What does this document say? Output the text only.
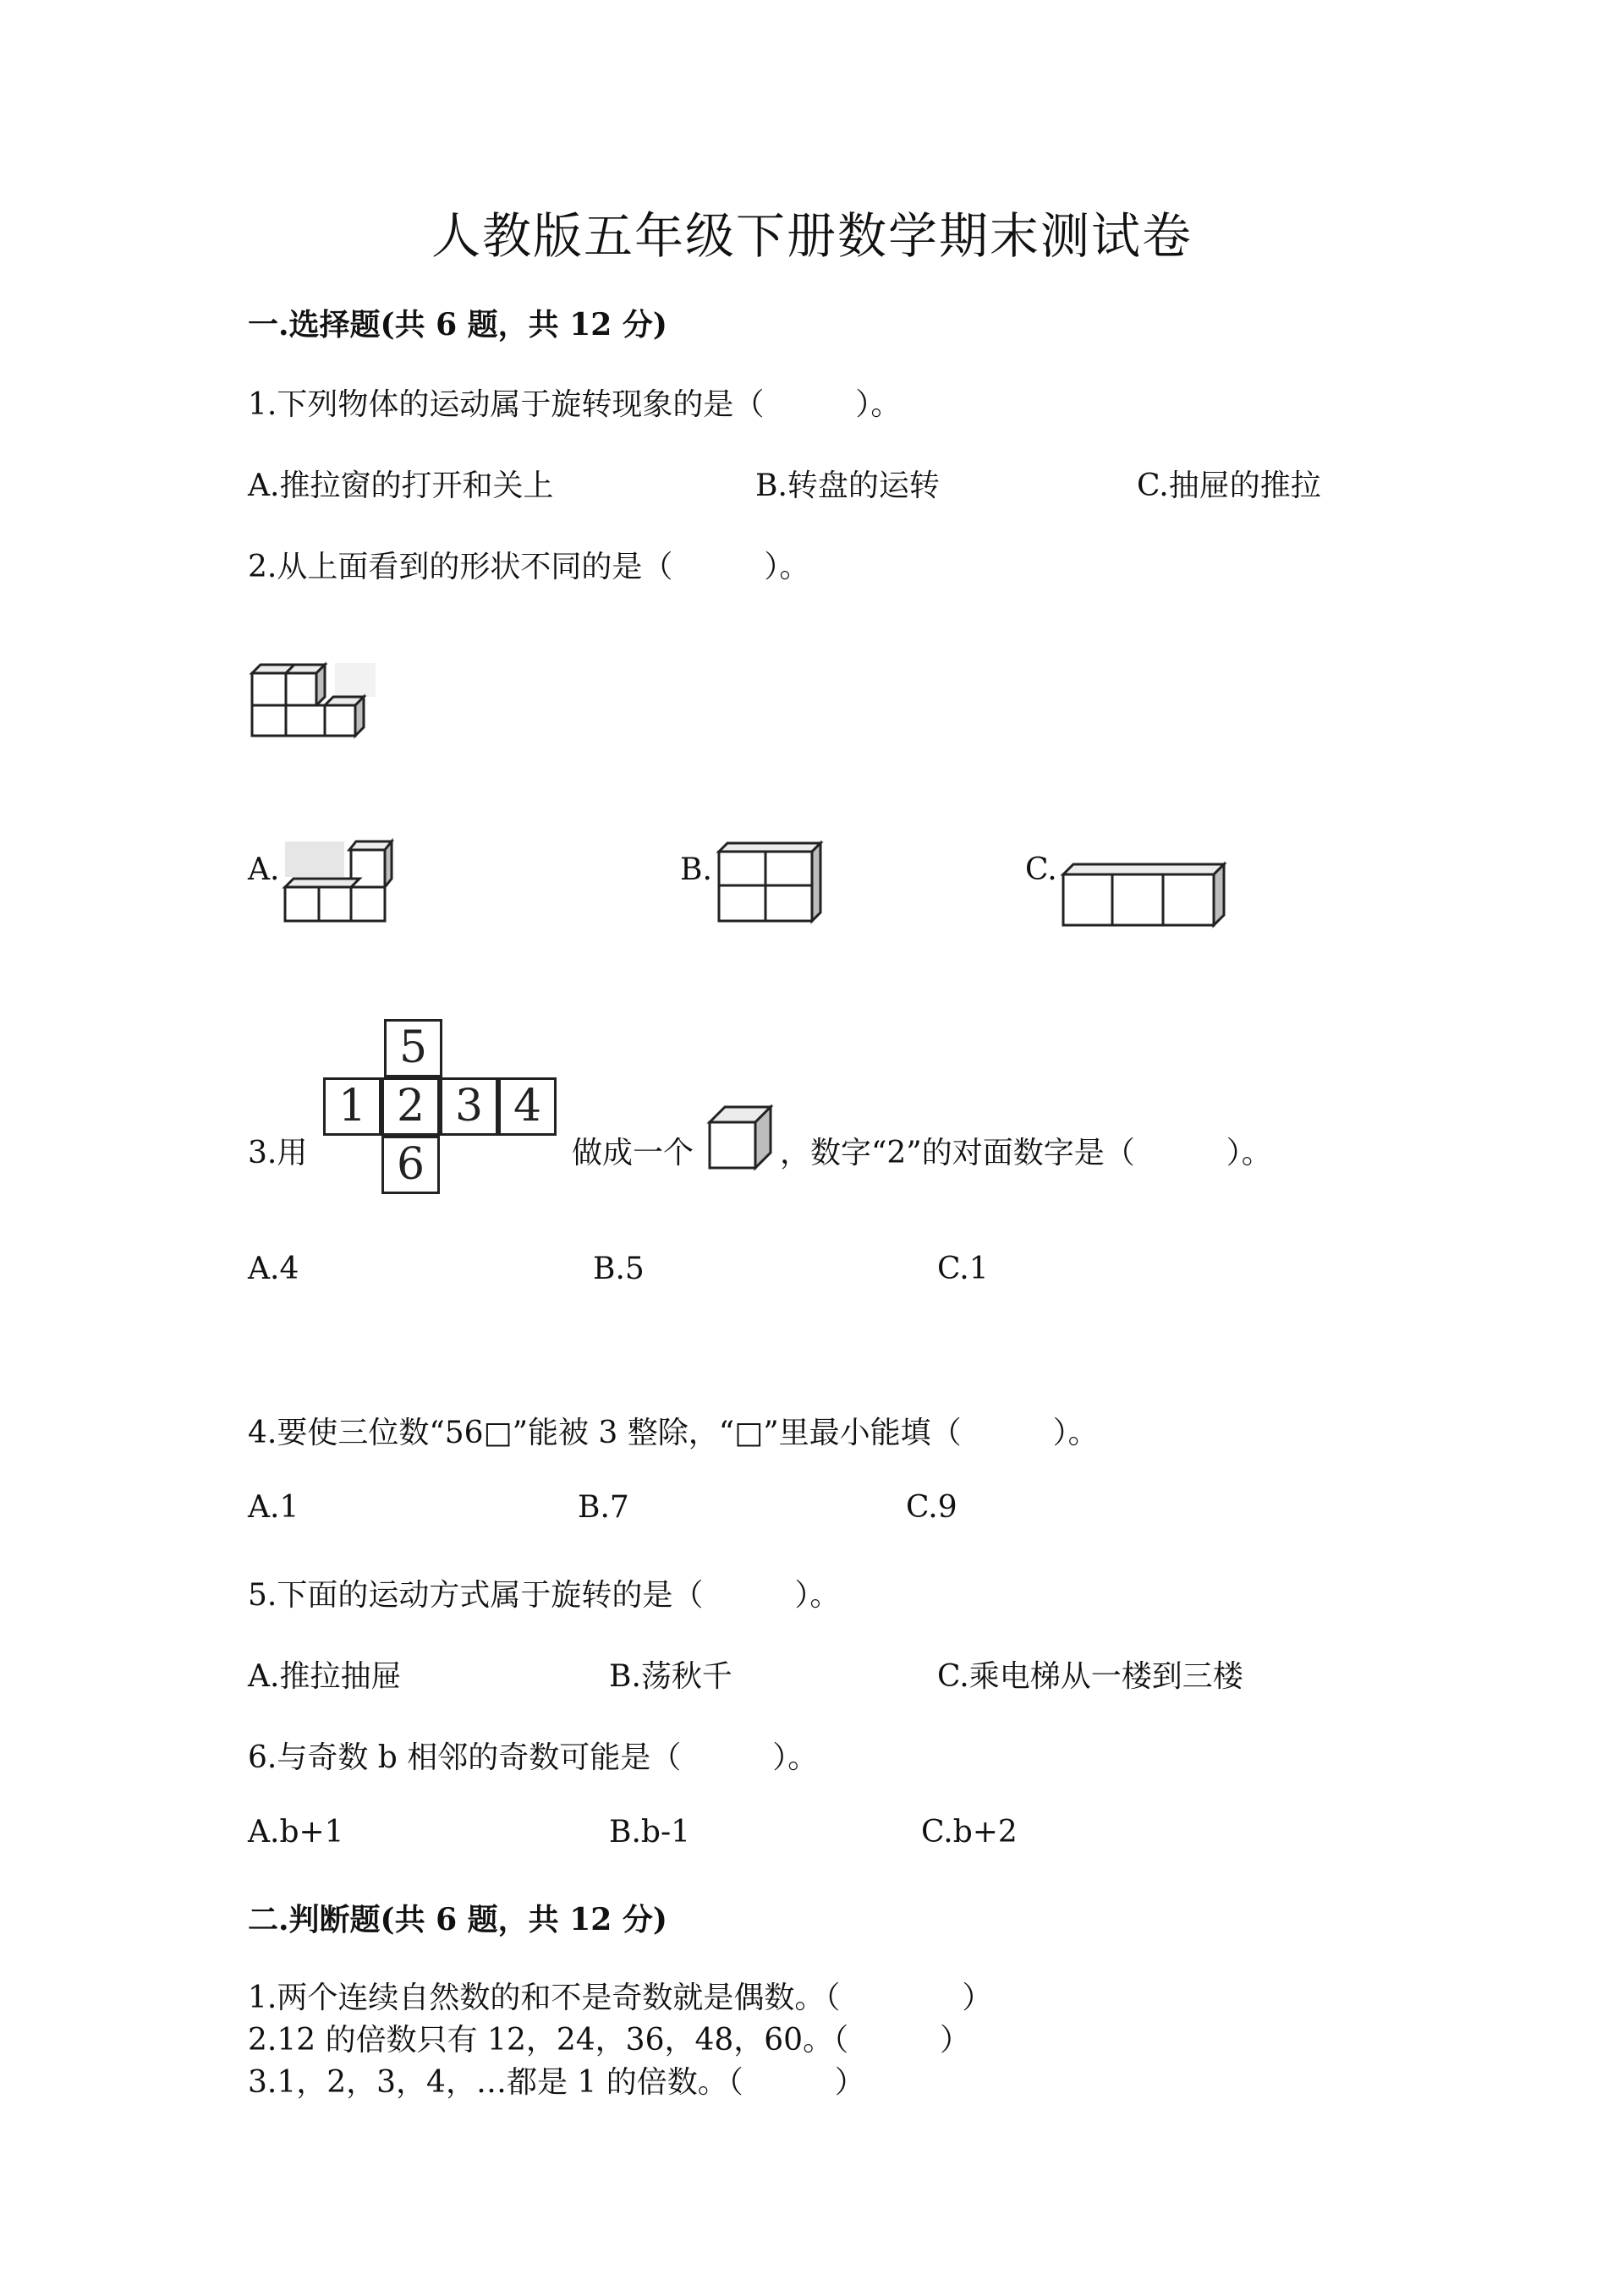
人教版五年级下册数学期末测试卷
一.选择题(共 6 题，共 12 分)
1.下列物体的运动属于旋转现象的是（　　　）。
A.推拉窗的打开和关上	B.转盘的运转	C.抽屉的推拉
2.从上面看到的形状不同的是（　　　）。
A.	B.	C.
3.用
5
1 2 3 4
6	做成一个	，数字“2”的对面数字是（　　　）。
A.4	B.5	C.1
4.要使三位数“56□”能被 3 整除，“□”里最小能填（　　　）。
A.1	B.7	C.9
5.下面的运动方式属于旋转的是（　　　）。
A.推拉抽屉	B.荡秋千	C.乘电梯从一楼到三楼
6.与奇数 b 相邻的奇数可能是（　　　）。
A.b+1	B.b-1	C.b+2
二.判断题(共 6 题，共 12 分)
1.两个连续自然数的和不是奇数就是偶数。（　　　　）
2.12 的倍数只有 12，24，36，48，60。（　　　）
3.1，2，3，4，…都是 1 的倍数。（　　　）
